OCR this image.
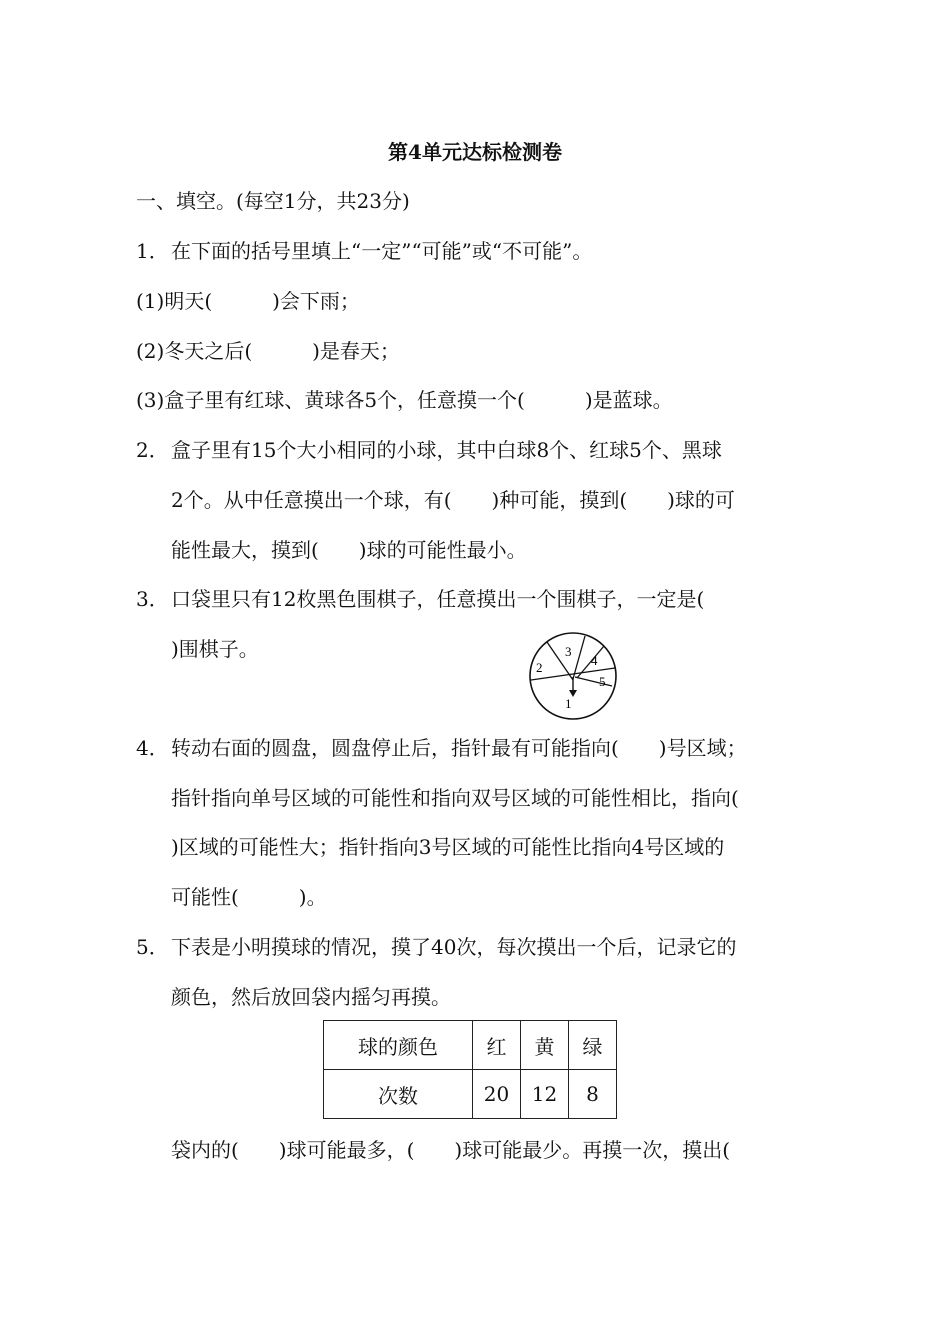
第4单元达标检测卷
一、填空。(每空1分，共23分)
1． 在下面的括号里填上“一定”“可能”或“不可能”。
(1)明天(　　　)会下雨；
(2)冬天之后(　　　)是春天；
(3)盒子里有红球、黄球各5个，任意摸一个(　　　)是蓝球。
2． 盒子里有15个大小相同的小球，其中白球8个、红球5个、黑球
2个。从中任意摸出一个球，有(　　)种可能，摸到(　　)球的可
能性最大，摸到(　　)球的可能性最小。
3． 口袋里只有12枚黑色围棋子，任意摸出一个围棋子，一定是(
)围棋子。	3
2	4
5
1
4． 转动右面的圆盘，圆盘停止后，指针最有可能指向(　　)号区域；
指针指向单号区域的可能性和指向双号区域的可能性相比，指向(
)区域的可能性大；指针指向3号区域的可能性比指向4号区域的
可能性(　　　)。
5． 下表是小明摸球的情况，摸了40次，每次摸出一个后，记录它的
颜色，然后放回袋内摇匀再摸。
球的颜色	红	黄	绿
次数	20	12	8
袋内的(　　)球可能最多，(　　)球可能最少。再摸一次，摸出(
